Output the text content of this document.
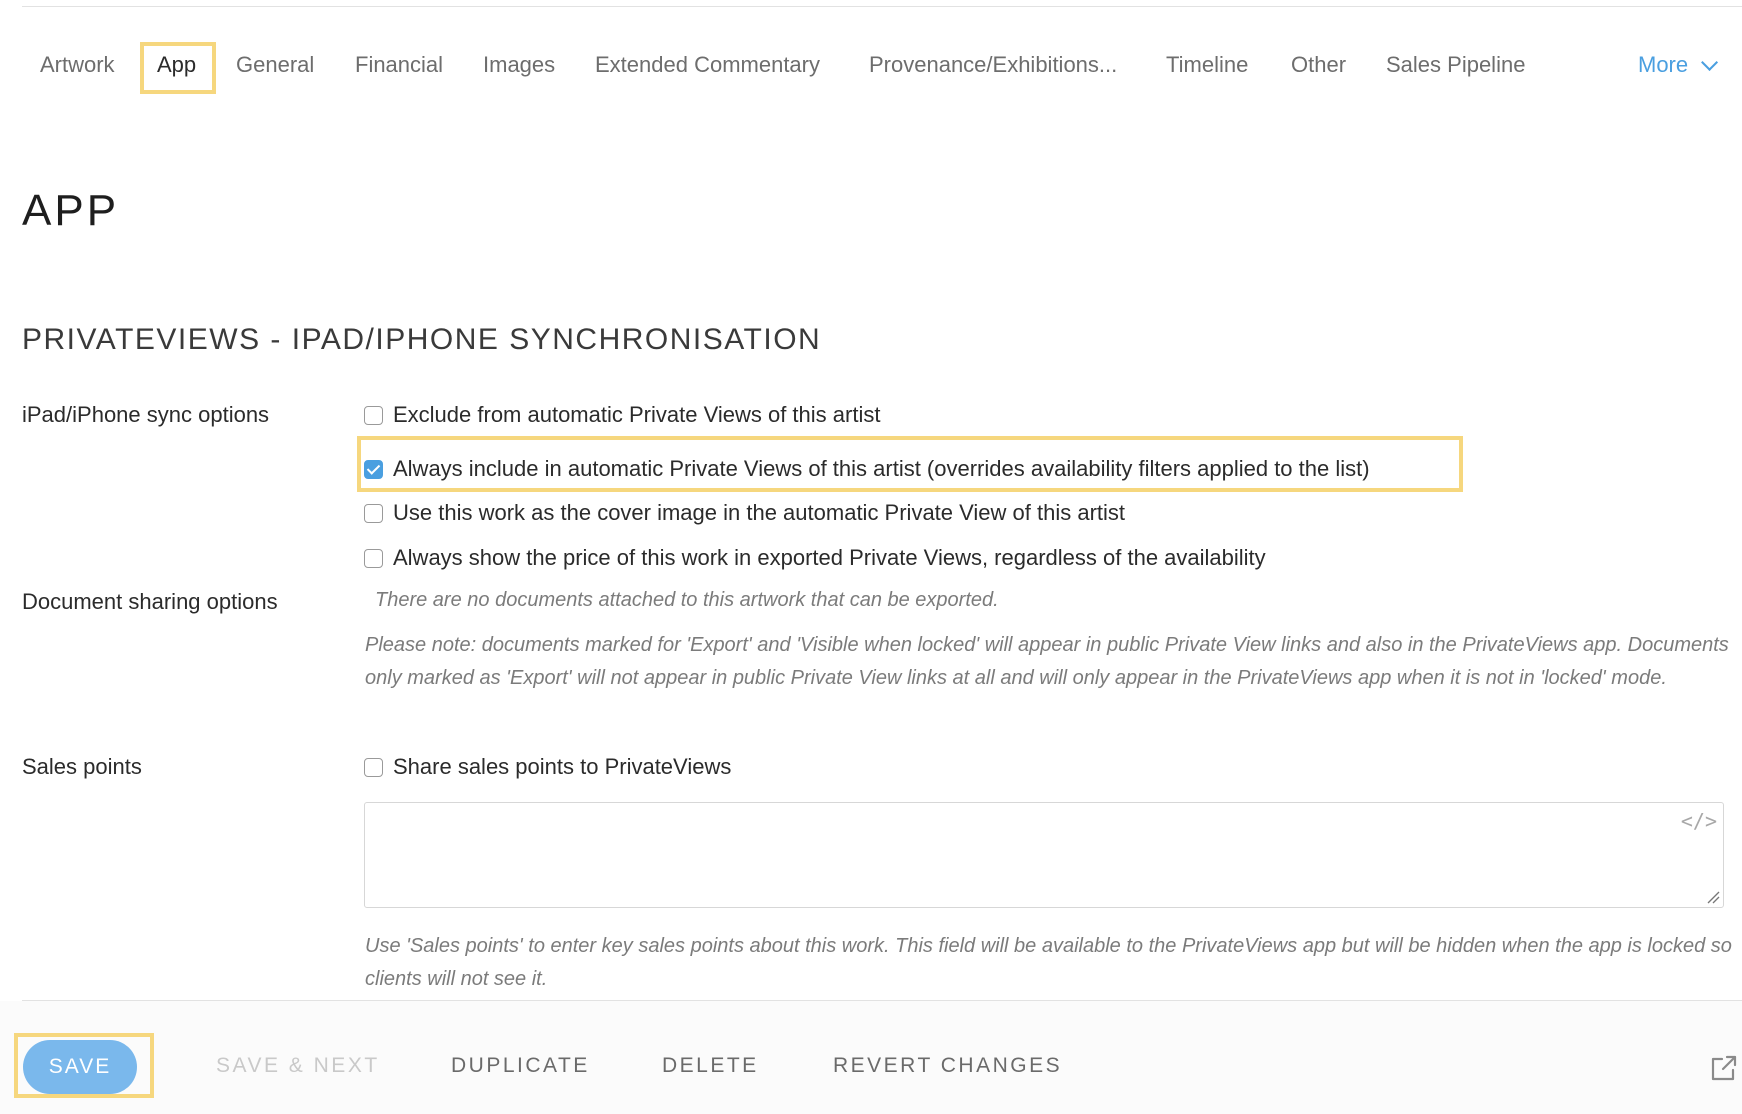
Artwork App General Financial Images Extended Commentary Provenance/Exhibitions... Timeline Other Sales Pipeline	More
APP
PRIVATEVIEWS - IPAD/IPHONE SYNCHRONISATION
iPad/iPhone sync options	Exclude from automatic Private Views of this artist
Always include in automatic Private Views of this artist (overrides availability filters applied to the list)
Use this work as the cover image in the automatic Private View of this artist
Always show the price of this work in exported Private Views, regardless of the availability
Document sharing options	There are no documents attached to this artwork that can be exported.
Please note: documents marked for 'Export' and 'Visible when locked' will appear in public Private View links and also in the PrivateViews app. Documents only marked as 'Export' will not appear in public Private View links at all and will only appear in the PrivateViews app when it is not in 'locked' mode.
Sales points	Share sales points to PrivateViews
</>
Use 'Sales points' to enter key sales points about this work. This field will be available to the PrivateViews app but will be hidden when the app is locked so clients will not see it.
SAVE	SAVE & NEXT	DUPLICATE	DELETE	REVERT CHANGES
